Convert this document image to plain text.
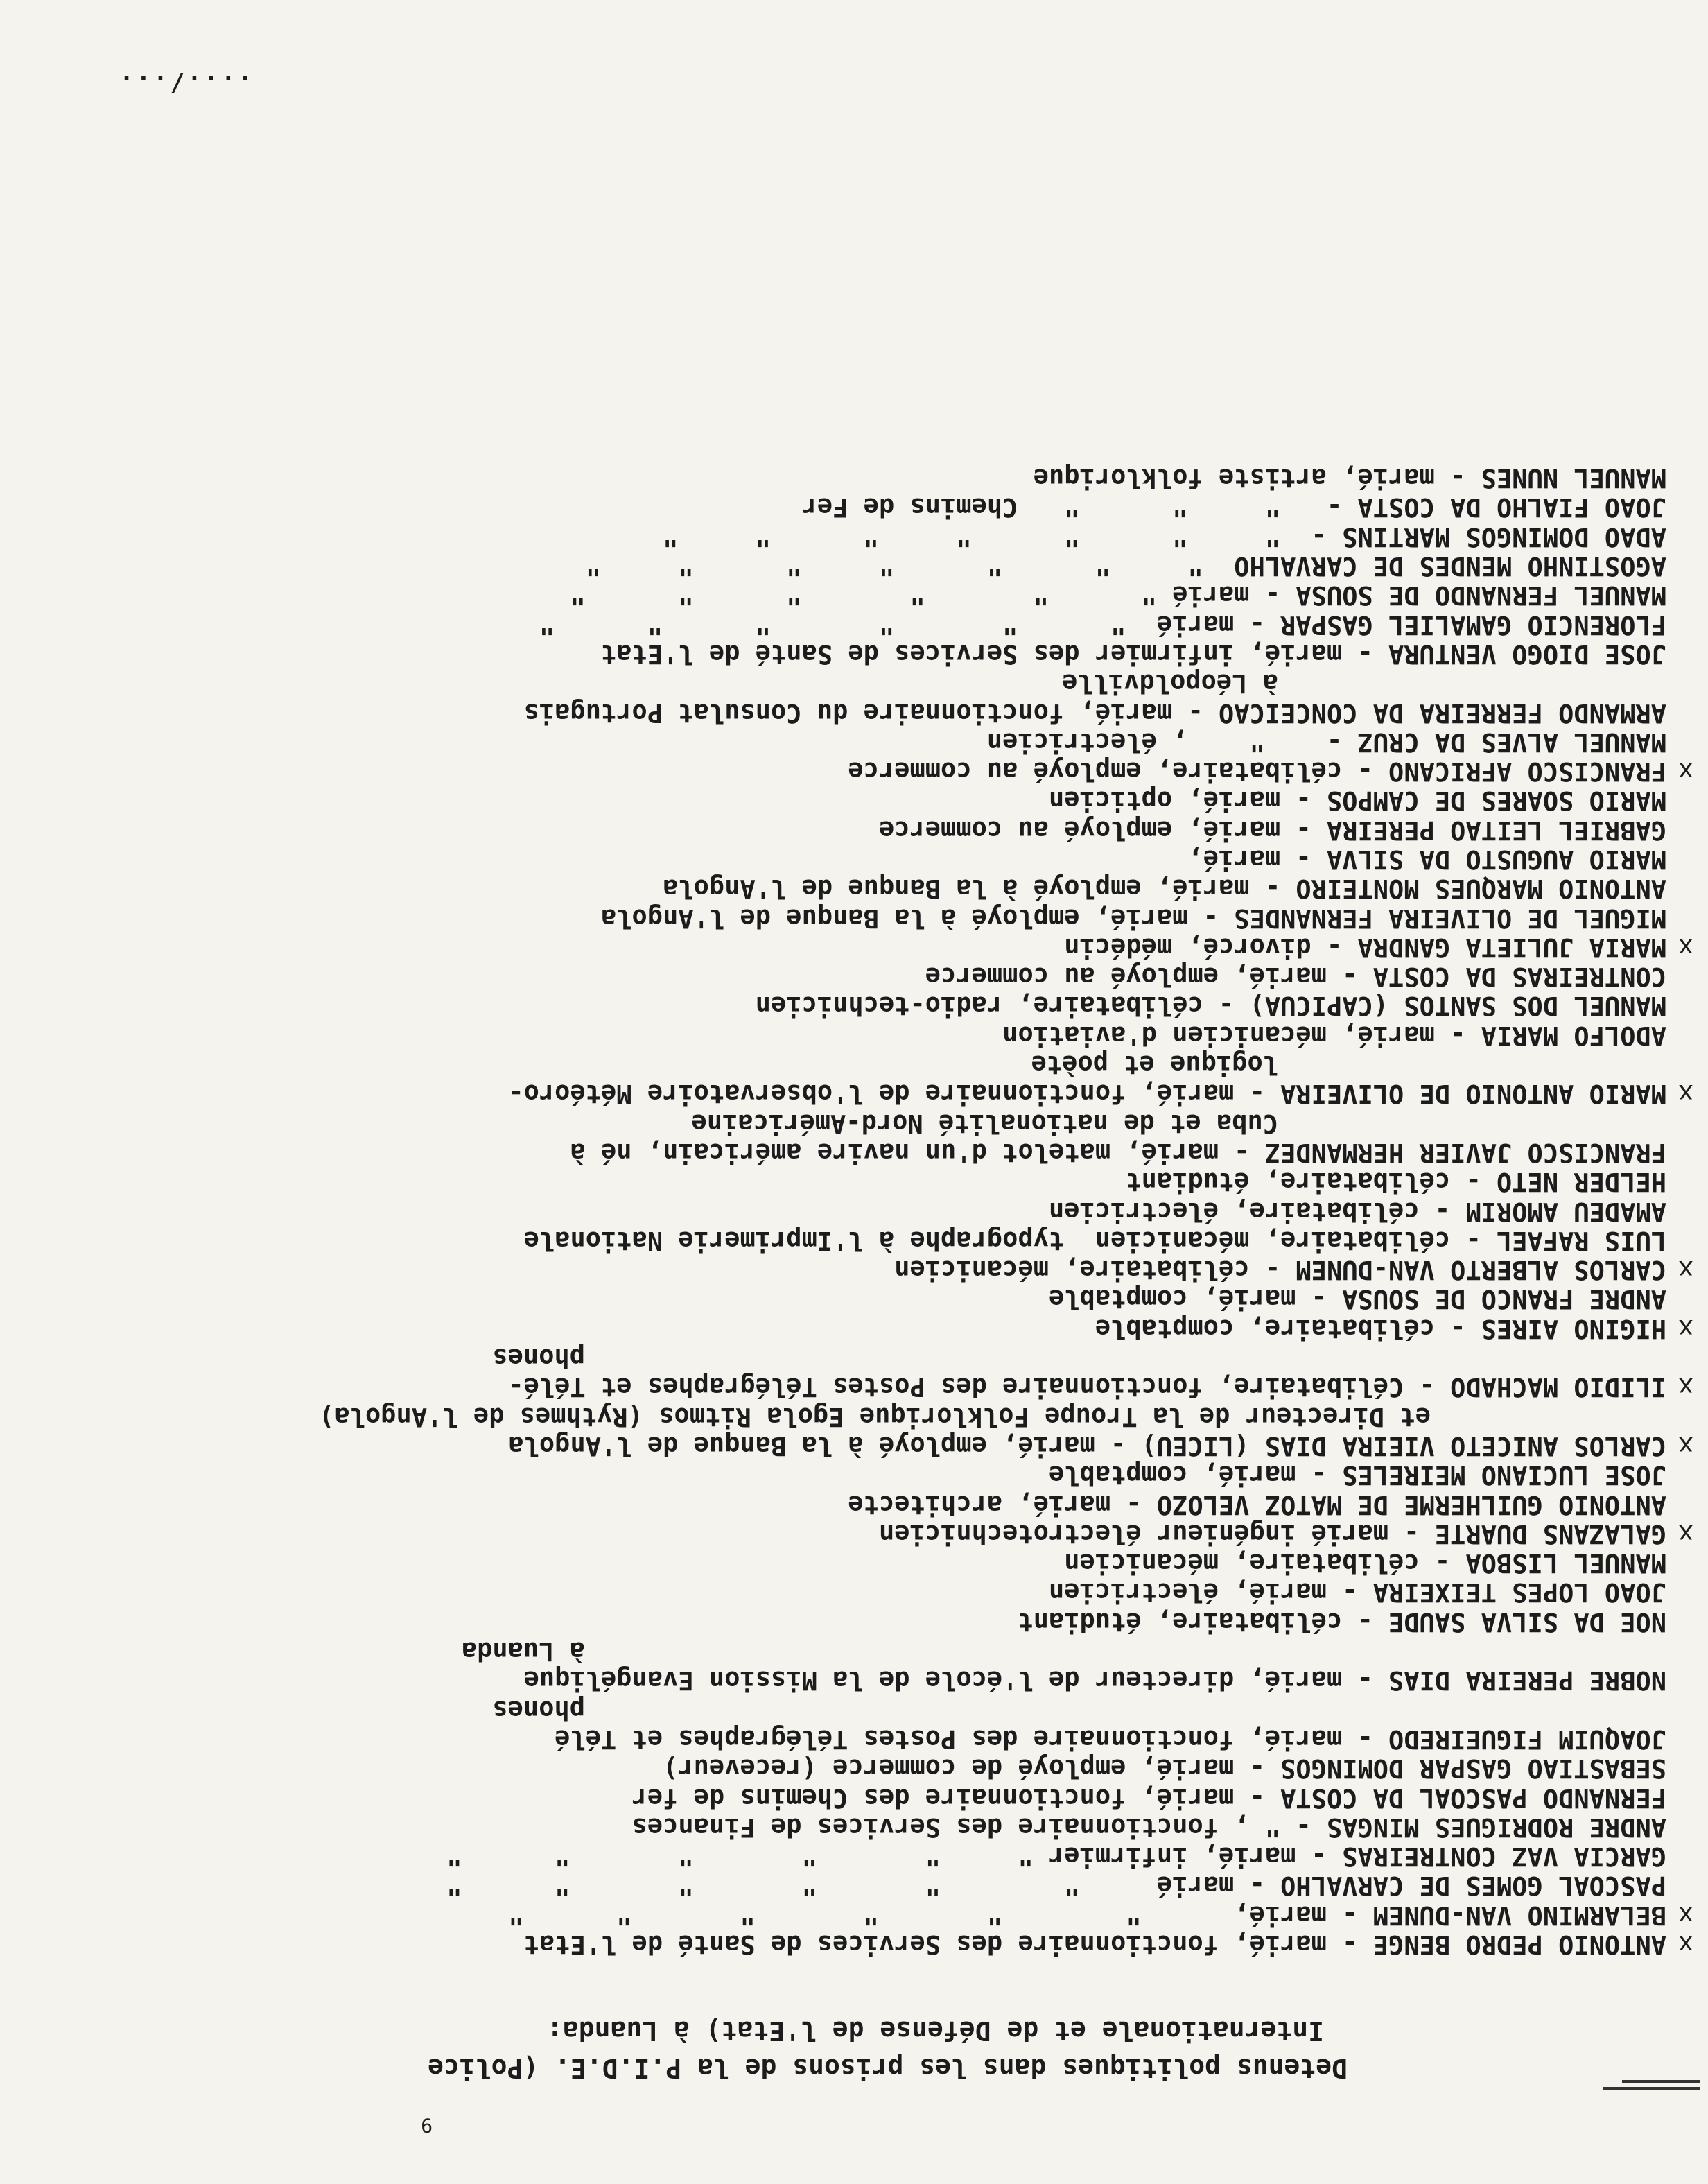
9
Detenus politiques dans les prisons de la P.I.D.E. (Police
Internationale et de Défense de l'Etat) à Luanda:
x
ANTONIO PEDRO BENGE - marié, fonctionnaire des Services de Santé de l'Etat
x
BELARMINO VAN-DUNEM - marié,      "        "       "       "       "      "
PASCOAL GOMES DE CARVALHO - marié     "        "       "       "       "      "
GARCIA VAZ CONTREIRAS - marié, infirmier "     "       "       "       "      "
ANDRE RODRIGUES MINGAS - " , fonctionnaire des Services de Finances
FERNANDO PASCOAL DA COSTA - marié, fonctionnaire des Chemins de fer
SEBASTIAO GASPAR DOMINGOS - marié, employé de commerce (receveur)
JOAQUIM FIGUEIREDO - marié, fonctionnaire des Postes Télégraphes et Télé
phones
NOBRE PEREIRA DIAS - marié, directeur de l'école de la Mission Evangélique
à Luanda
NOE DA SILVA SAUDE - célibataire, étudiant
JOAO LOPES TEIXEIRA - marié, électricien
MANUEL LISBOA - célibataire, mécanicien
x
GALAZANS DUARTE - marié ingénieur électrotechnicien
ANTONIO GUILHERME DE MATOZ VELOZO - marié, architecte
JOSE LUCIANO MEIRELES - marié, comptable
x
CARLOS ANICETO VIEIRA DIAS (LICEU) - marié, employé à la Banque de l'Angola
et Directeur de la Troupe Folklorique Egola Ritmos (Rythmes de l'Angola)
x
ILIDIO MACHADO - Célibataire, fonctionnaire des Postes Télégraphes et Télé-
phones
x
HIGINO AIRES - célibataire, comptable
ANDRE FRANCO DE SOUSA - marié, comptable
x
CARLOS ALBERTO VAN-DUNEM - célibataire, mécanicien
LUIS RAFAEL - célibataire, mécanicien  typographe à l'Imprimerie Nationale
AMADEU AMORIM - célibataire, électricien
HELDER NETO - célibataire, étudiant
FRANCISCO JAVIER HERMANDEZ - marié, matelot d'un navire américain, né à
Cuba et de nationalité Nord-Américaine
x
MARIO ANTONIO DE OLIVEIRA - marié, fonctionnaire de l'observatoire Météoro-
logique et poète
ADOLFO MARIA - marié, mécanicien d'aviation
MANUEL DOS SANTOS (CAPICUA) - célibataire, radio-technicien
CONTREIRAS DA COSTA - marié, employé au commerce
x
MARIA JULIETA GANDRA - divorcé, médécin
MIGUEL DE OLIVEIRA FERNANDES - marié, employé à la Banque de l'Angola
ANTONIO MARQUES MONTEIRO - marié, employé à la Banque de l'Angola
MARIO AUGUSTO DA SILVA - marié,
GABRIEL LEITAO PEREIRA - marié, employé au commerce
MARIO SOARES DE CAMPOS - marié, opticien
x
FRANCISCO AFRICANO - célibataire, employé au commerce
MANUEL ALVES DA CRUZ -    "    , électricien
ARMANDO FERREIRA DA CONCEICAO - marié, fonctionnaire du Consulat Portugais
à Léopoldville
JOSE DIOGO VENTURA - marié, infirmier des Services de Santé de l'Etat
FLORENCIO GAMALIEL GASPAR - marié  "      "       "       "      "      "
MANUEL FERNANDO DE SOUSA - marié "      "       "       "      "      "
AGOSTINHO MENDES DE CARVALHO  "     "      "      "     "      "     "
ADAO DOMINGOS MARTINS -  "     "      "      "     "      "     "
JOAO FIALHO DA COSTA -   "     "      "   Chemins de Fer
MANUEL NUNES - marié, artiste folklorique
..../...
